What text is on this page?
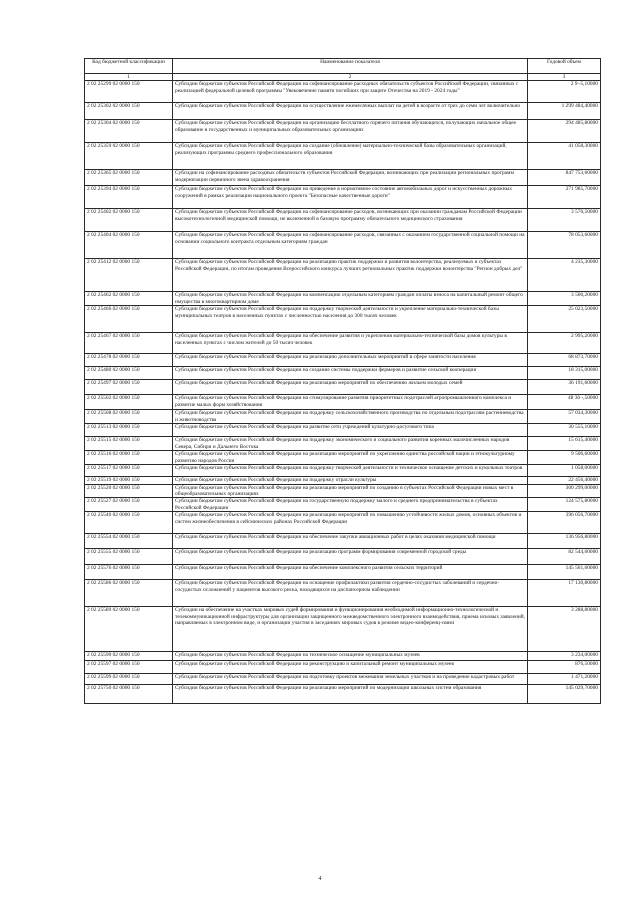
Код бюджетной классификации	Наименование показателя	Годовой объем
1	2	3
2 02 25299 02 0000 150	Субсидии бюджетам субъектов Российской Федерации на софинансирование расходных обязательств субъектов Российской Федерации, связанных с реализацией федеральной целевой программы "Увековечение памяти погибших при защите Отечества на 2019 - 2024 годы"	2 9¬5,10000
2 02 25302 02 0000 150	Субсидии бюджетам субъектов Российской Федерации на осуществление ежемесячных выплат на детей в возрасте от трех до семи лет включительно	1 299 484,40000
2 02 25304 02 0000 150	Субсидии бюджетам субъектов Российской Федерации на организацию бесплатного горячего питания обучающихся, получающих начальное общее образование в государственных и муниципальных образовательных организациях	294 485,80000
2 02 25359 02 0000 150	Субсидии бюджетам субъектов Российской Федерации на создание (обновление) материально-технической базы образовательных организаций, реализующих программы среднего профессионального образования	41 058,30000
2 02 25365 02 0000 150	Субсидии на софинансирование расходных обязательств субъектов Российской Федерации, возникающих при реализации региональных программ модернизации первичного звена здравоохранения	847 753,60000
2 02 25394 02 0000 150	Субсидии бюджетам субъектов Российской Федерации на приведение в нормативное состояние автомобильных дорог и искусственных дорожных сооружений в рамках реализации национального проекта "Безопасные качественные дороги"	271 985,70000
2 02 25402 02 0000 150	Субсидии бюджетам субъектов Российской Федерации на софинансирование расходов, возникающих при оказании гражданам Российской Федерации высокотехнологичной медицинской помощи, не включенной в базовую программу обязательного медицинского страхования	3 576,50000
2 02 25404 02 0000 150	Субсидии бюджетам субъектов Российской Федерации на софинансирование расходов, связанных с оказанием государственной социальной помощи на основании социального контракта отдельным категориям граждан	78 053,60000
2 02 25412 02 0000 150	Субсидии бюджетам субъектов Российской Федерации на реализацию практик поддержки и развития волонтерства, реализуемых в субъектах Российской Федерации, по итогам проведения Всероссийского конкурса лучших региональных практик поддержки волонтерства "Регион добрых дел"	4 235,30000
2 02 25462 02 0000 150	Субсидии бюджетам субъектов Российской Федерации на компенсацию отдельным категориям граждан оплаты взноса на капитальный ремонт общего имущества в многоквартирном доме	3 500,20000
2 02 25466 02 0000 150	Субсидии бюджетам субъектов Российской Федерации на поддержку творческой деятельности и укрепление материально-технической базы муниципальных театров в населенных пунктах с численностью населения до 300 тысяч человек	25 023,50000
2 02 25467 02 0000 150	Субсидии бюджетам субъектов Российской Федерации на обеспечение развития и укрепления материально-технической базы домов культуры в населенных пунктах с числом жителей до 50 тысяч человек	2 995,20000
2 02 25478 02 0000 150	Субсидии бюджетам субъектов Российской Федерации на реализацию дополнительных мероприятий в сфере занятости населения	68 873,70000
2 02 25480 02 0000 150	Субсидии бюджетам субъектов Российской Федерации на создание системы поддержки фермеров и развитие сельской кооперации	18 315,00000
2 02 25497 02 0000 150	Субсидии бюджетам субъектов Российской Федерации на реализацию мероприятий по обеспечению жильем молодых семей	36 191,60000
2 02 25502 02 0000 150	Субсидии бюджетам субъектов Российской Федерации на стимулирование развития приоритетных подотраслей агропромышленного комплекса и развитие малых форм хозяйствования	48 36¬,50000
2 02 25508 02 0000 150	Субсидии бюджетам субъектов Российской Федерации на поддержку сельскохозяйственного производства по отдельным подотраслям растениеводства и животноводства	57 034,30000
2 02 25513 02 0000 150	Субсидии бюджетам субъектов Российской Федерации на развитие сети учреждений культурно-досугового типа	30 555,10000
2 02 25515 02 0000 150	Субсидии бюджетам субъектов Российской Федерации на поддержку экономического и социального развития коренных малочисленных народов Севера, Сибири и Дальнего Востока	15 615,40000
2 02 25516 02 0000 150	Субсидии бюджетам субъектов Российской Федерации на реализацию мероприятий по укреплению единства российской нации и этнокультурному развитию народов России	9 506,60000
2 02 25517 02 0000 150	Субсидии бюджетам субъектов Российской Федерации на поддержку творческой деятельности и техническое оснащение детских и кукольных театров	1 058,00000
2 02 25519 02 0000 150	Субсидии бюджетам субъектов Российской Федерации на поддержку отрасли культуры	22 456,40000
2 02 25520 02 0000 150	Субсидии бюджетам субъектов Российской Федерации на реализацию мероприятий по созданию в субъектах Российской Федерации новых мест в общеобразовательных организациях	300 299,00000
2 02 25527 02 0000 150	Субсидии бюджетам субъектов Российской Федерации на государственную поддержку малого и среднего предпринимательства в субъектах Российской Федерации	124 575,80000
2 02 25540 02 0000 150	Субсидии бюджетам субъектов Российской Федерации на реализацию мероприятий по повышению устойчивости жилых домов, основных объектов и систем жизнеобеспечения в сейсмических районах Российской Федерации	396 056,70000
2 02 25554 02 0000 150	Субсидии бюджетам субъектов Российской Федерации на обеспечение закупки авиационных работ в целях оказания медицинской помощи	136 956,80000
2 02 25555 02 0000 150	Субсидии бюджетам субъектов Российской Федерации на реализацию программ формирования современной городской среды	82 544,60000
2 02 25576 02 0000 150	Субсидии бюджетам субъектов Российской Федерации на обеспечение комплексного развития сельских территорий	145 561,60000
2 02 25586 02 0000 150	Субсидии бюджетам субъектов Российской Федерации на оснащение профилактики развития сердечно-сосудистых заболеваний и сердечно-сосудистых осложнений у пациентов высокого риска, находящихся на диспансерном наблюдении	17 130,80000
2 02 25589 02 0000 150	Субсидии на обеспечение на участках мировых судей формирования и функционирования необходимой информационно-технологической и телекоммуникационной инфраструктуры для организации защищенного межведомственного электронного взаимодействия, приема исковых заявлений, направляемых в электронном виде, и организации участия в заседаниях мировых судов в режиме видео-конференц-связи	3 288,80000
2 02 25590 02 0000 150	Субсидии бюджетам субъектов Российской Федерации на техническое оснащение муниципальных музеев	3 234,00000
2 02 25597 02 0000 150	Субсидии бюджетам субъектов Российской Федерации на реконструкцию и капитальный ремонт муниципальных музеев	876,50000
2 02 25599 02 0000 150	Субсидии бюджетам субъектов Российской Федерации на подготовку проектов межевания земельных участков и на проведение кадастровых работ	1 471,20000
2 02 25750 02 0000 150	Субсидии бюджетам субъектов Российской Федерации на реализацию мероприятий по модернизации школьных систем образования	145 029,70000
4
